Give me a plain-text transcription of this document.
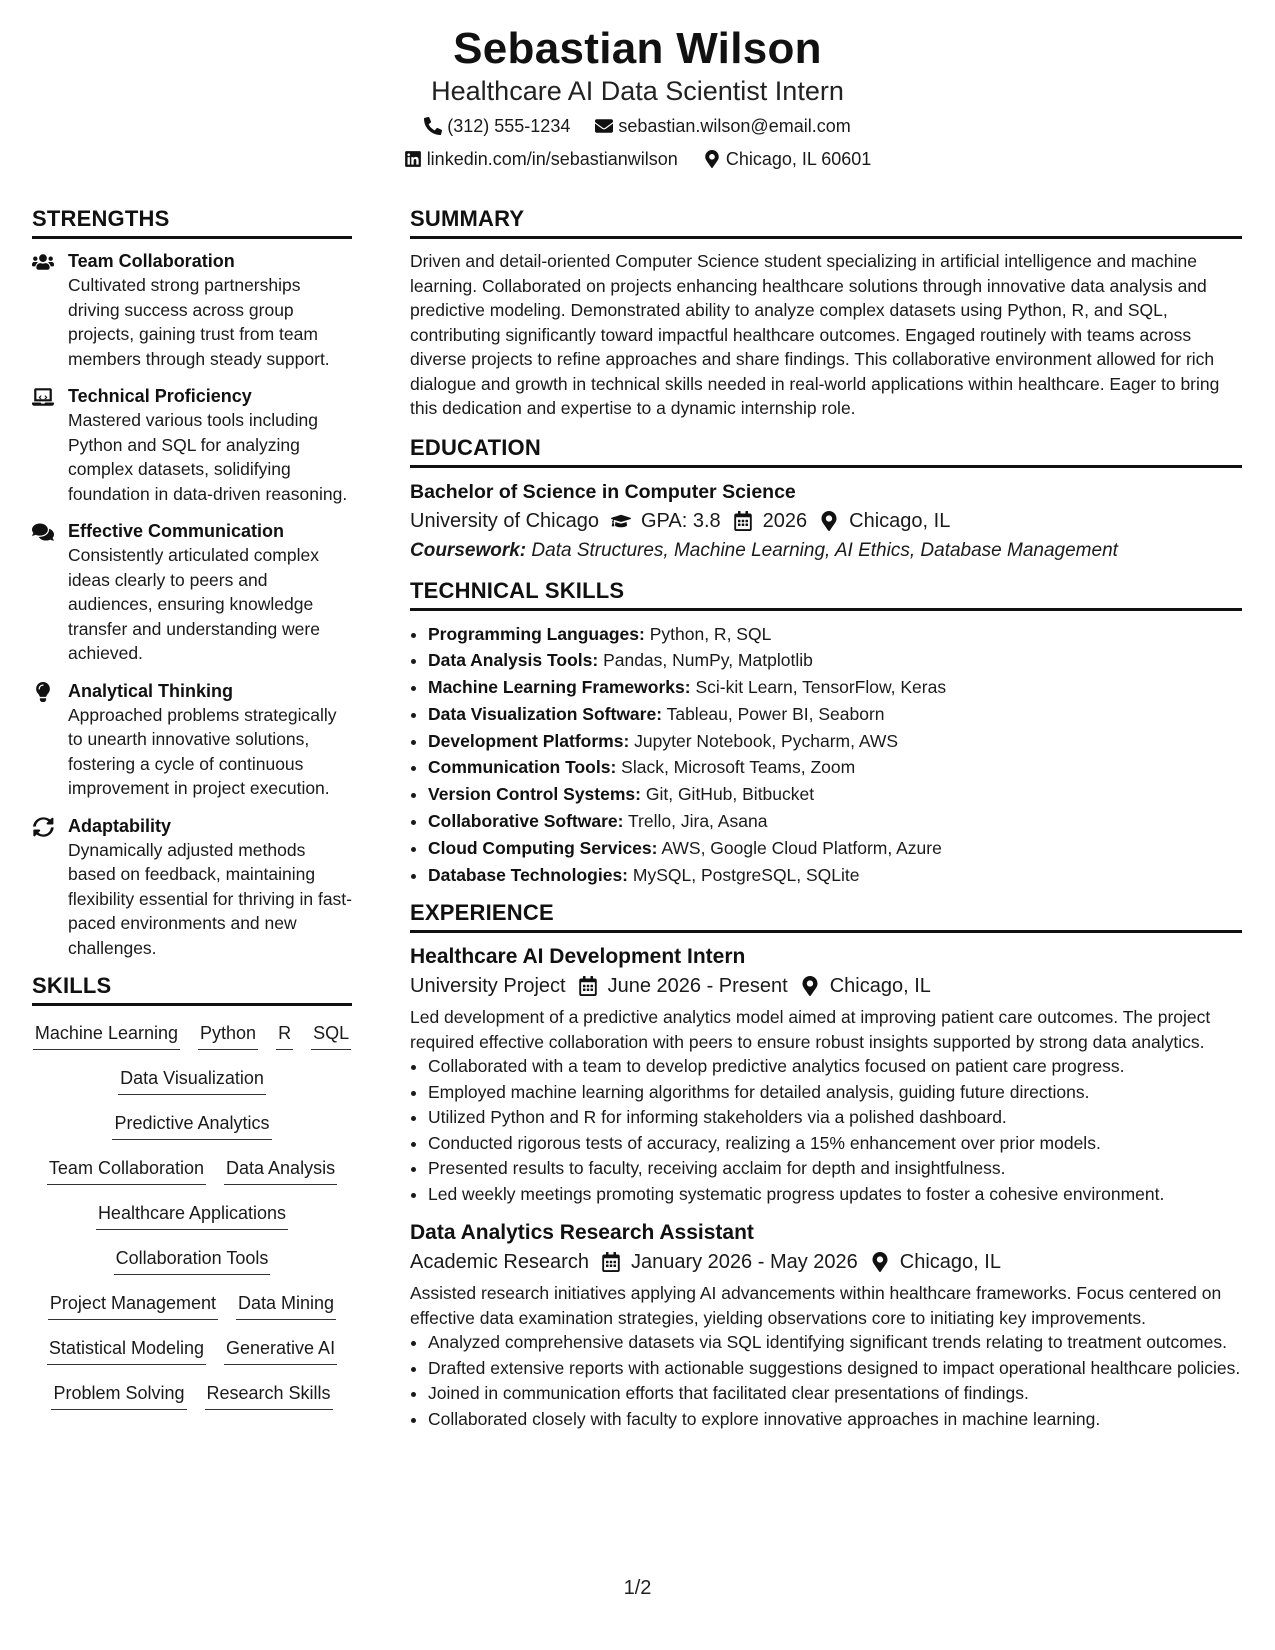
Sebastian Wilson
Healthcare AI Data Scientist Intern
(312) 555-1234
	sebastian.wilson@email.com
linkedin.com/in/sebastianwilson
	Chicago, IL 60601
STRENGTHS
Team Collaboration
Cultivated strong partnerships driving success across group projects, gaining trust from team members through steady support.
Technical Proficiency
Mastered various tools including Python and SQL for analyzing complex datasets, solidifying foundation in data-driven reasoning.
Effective Communication
Consistently articulated complex ideas clearly to peers and audiences, ensuring knowledge transfer and understanding were achieved.
Analytical Thinking
Approached problems strategically to unearth innovative solutions, fostering a cycle of continuous improvement in project execution.
Adaptability
Dynamically adjusted methods based on feedback, maintaining flexibility essential for thriving in fast-paced environments and new challenges.
SKILLS
Machine Learning Python R SQL
Data Visualization
Predictive Analytics
Team Collaboration Data Analysis
Healthcare Applications
Collaboration Tools
Project Management Data Mining
Statistical Modeling Generative AI
Problem Solving Research Skills
SUMMARY
Driven and detail-oriented Computer Science student specializing in artificial intelligence and machine learning. Collaborated on projects enhancing healthcare solutions through innovative data analysis and predictive modeling. Demonstrated ability to analyze complex datasets using Python, R, and SQL, contributing significantly toward impactful healthcare outcomes. Engaged routinely with teams across diverse projects to refine approaches and share findings. This collaborative environment allowed for rich dialogue and growth in technical skills needed in real-world applications within healthcare. Eager to bring this dedication and expertise to a dynamic internship role.
EDUCATION
Bachelor of Science in Computer Science
University of Chicago GPA: 3.8 2026 Chicago, IL
Coursework: Data Structures, Machine Learning, AI Ethics, Database Management
TECHNICAL SKILLS
• Programming Languages: Python, R, SQL
• Data Analysis Tools: Pandas, NumPy, Matplotlib
• Machine Learning Frameworks: Sci-kit Learn, TensorFlow, Keras
• Data Visualization Software: Tableau, Power BI, Seaborn
• Development Platforms: Jupyter Notebook, Pycharm, AWS
• Communication Tools: Slack, Microsoft Teams, Zoom
• Version Control Systems: Git, GitHub, Bitbucket
• Collaborative Software: Trello, Jira, Asana
• Cloud Computing Services: AWS, Google Cloud Platform, Azure
• Database Technologies: MySQL, PostgreSQL, SQLite
EXPERIENCE
Healthcare AI Development Intern
University Project June 2026 - Present Chicago, IL
Led development of a predictive analytics model aimed at improving patient care outcomes. The project required effective collaboration with peers to ensure robust insights supported by strong data analytics.
• Collaborated with a team to develop predictive analytics focused on patient care progress.
• Employed machine learning algorithms for detailed analysis, guiding future directions.
• Utilized Python and R for informing stakeholders via a polished dashboard.
• Conducted rigorous tests of accuracy, realizing a 15% enhancement over prior models.
• Presented results to faculty, receiving acclaim for depth and insightfulness.
• Led weekly meetings promoting systematic progress updates to foster a cohesive environment.
Data Analytics Research Assistant
Academic Research January 2026 - May 2026 Chicago, IL
Assisted research initiatives applying AI advancements within healthcare frameworks. Focus centered on effective data examination strategies, yielding observations core to initiating key improvements.
• Analyzed comprehensive datasets via SQL identifying significant trends relating to treatment outcomes.
• Drafted extensive reports with actionable suggestions designed to impact operational healthcare policies.
• Joined in communication efforts that facilitated clear presentations of findings.
• Collaborated closely with faculty to explore innovative approaches in machine learning.
1/2
